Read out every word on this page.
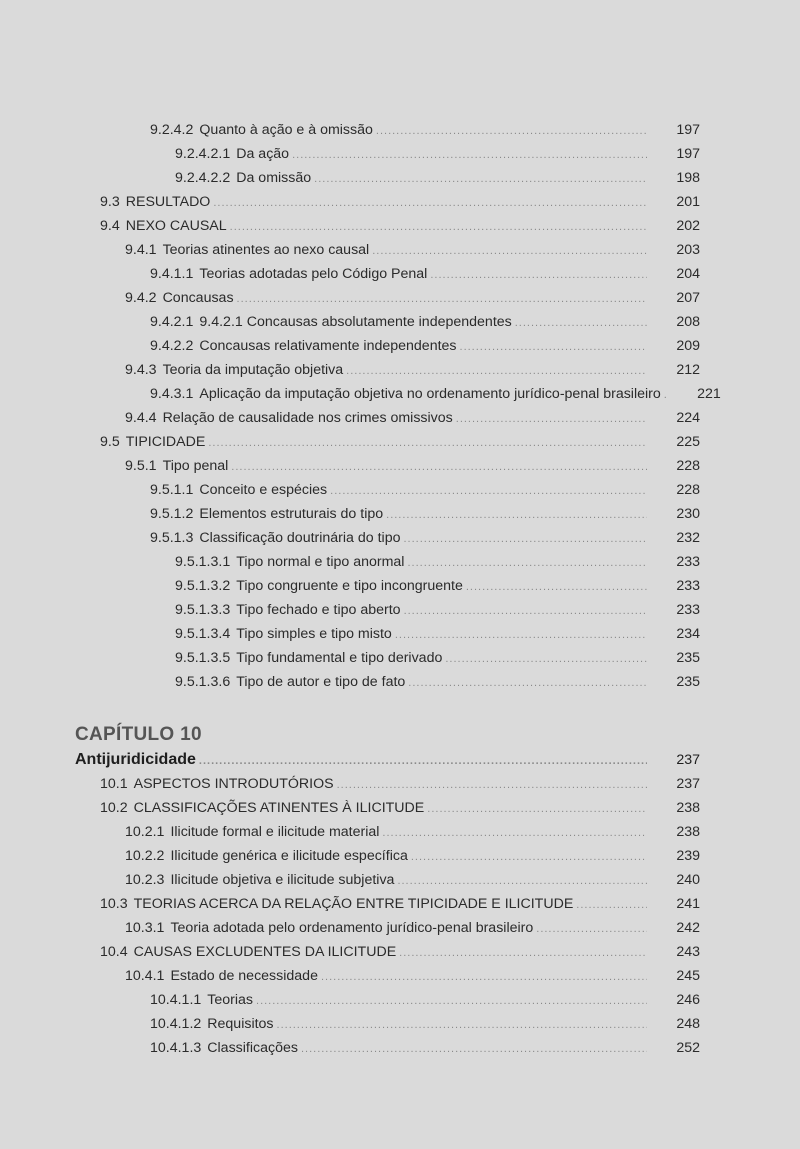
9.2.4.2 Quanto à ação e à omissão .....	197
9.2.4.2.1 Da ação .....	197
9.2.4.2.2 Da omissão .....	198
9.3 RESULTADO .....	201
9.4 NEXO CAUSAL .....	202
9.4.1 Teorias atinentes ao nexo causal .....	203
9.4.1.1 Teorias adotadas pelo Código Penal .....	204
9.4.2 Concausas .....	207
9.4.2.1 9.4.2.1 Concausas absolutamente independentes .....	208
9.4.2.2 Concausas relativamente independentes .....	209
9.4.3 Teoria da imputação objetiva .....	212
9.4.3.1 Aplicação da imputação objetiva no ordenamento jurídico-penal brasileiro .....	221
9.4.4 Relação de causalidade nos crimes omissivos .....	224
9.5 TIPICIDADE .....	225
9.5.1 Tipo penal .....	228
9.5.1.1 Conceito e espécies .....	228
9.5.1.2 Elementos estruturais do tipo .....	230
9.5.1.3 Classificação doutrinária do tipo .....	232
9.5.1.3.1 Tipo normal e tipo anormal .....	233
9.5.1.3.2 Tipo congruente e tipo incongruente .....	233
9.5.1.3.3 Tipo fechado e tipo aberto .....	233
9.5.1.3.4 Tipo simples e tipo misto .....	234
9.5.1.3.5 Tipo fundamental e tipo derivado .....	235
9.5.1.3.6 Tipo de autor e tipo de fato .....	235
CAPÍTULO 10
Antijuridicidade .....	237
10.1 ASPECTOS INTRODUTÓRIOS .....	237
10.2 CLASSIFICAÇÕES ATINENTES À ILICITUDE .....	238
10.2.1 Ilicitude formal e ilicitude material .....	238
10.2.2 Ilicitude genérica e ilicitude específica .....	239
10.2.3 Ilicitude objetiva e ilicitude subjetiva .....	240
10.3 TEORIAS ACERCA DA RELAÇÃO ENTRE TIPICIDADE E ILICITUDE .....	241
10.3.1 Teoria adotada pelo ordenamento jurídico-penal brasileiro .....	242
10.4 CAUSAS EXCLUDENTES DA ILICITUDE .....	243
10.4.1 Estado de necessidade .....	245
10.4.1.1 Teorias .....	246
10.4.1.2 Requisitos .....	248
10.4.1.3 Classificações .....	252
